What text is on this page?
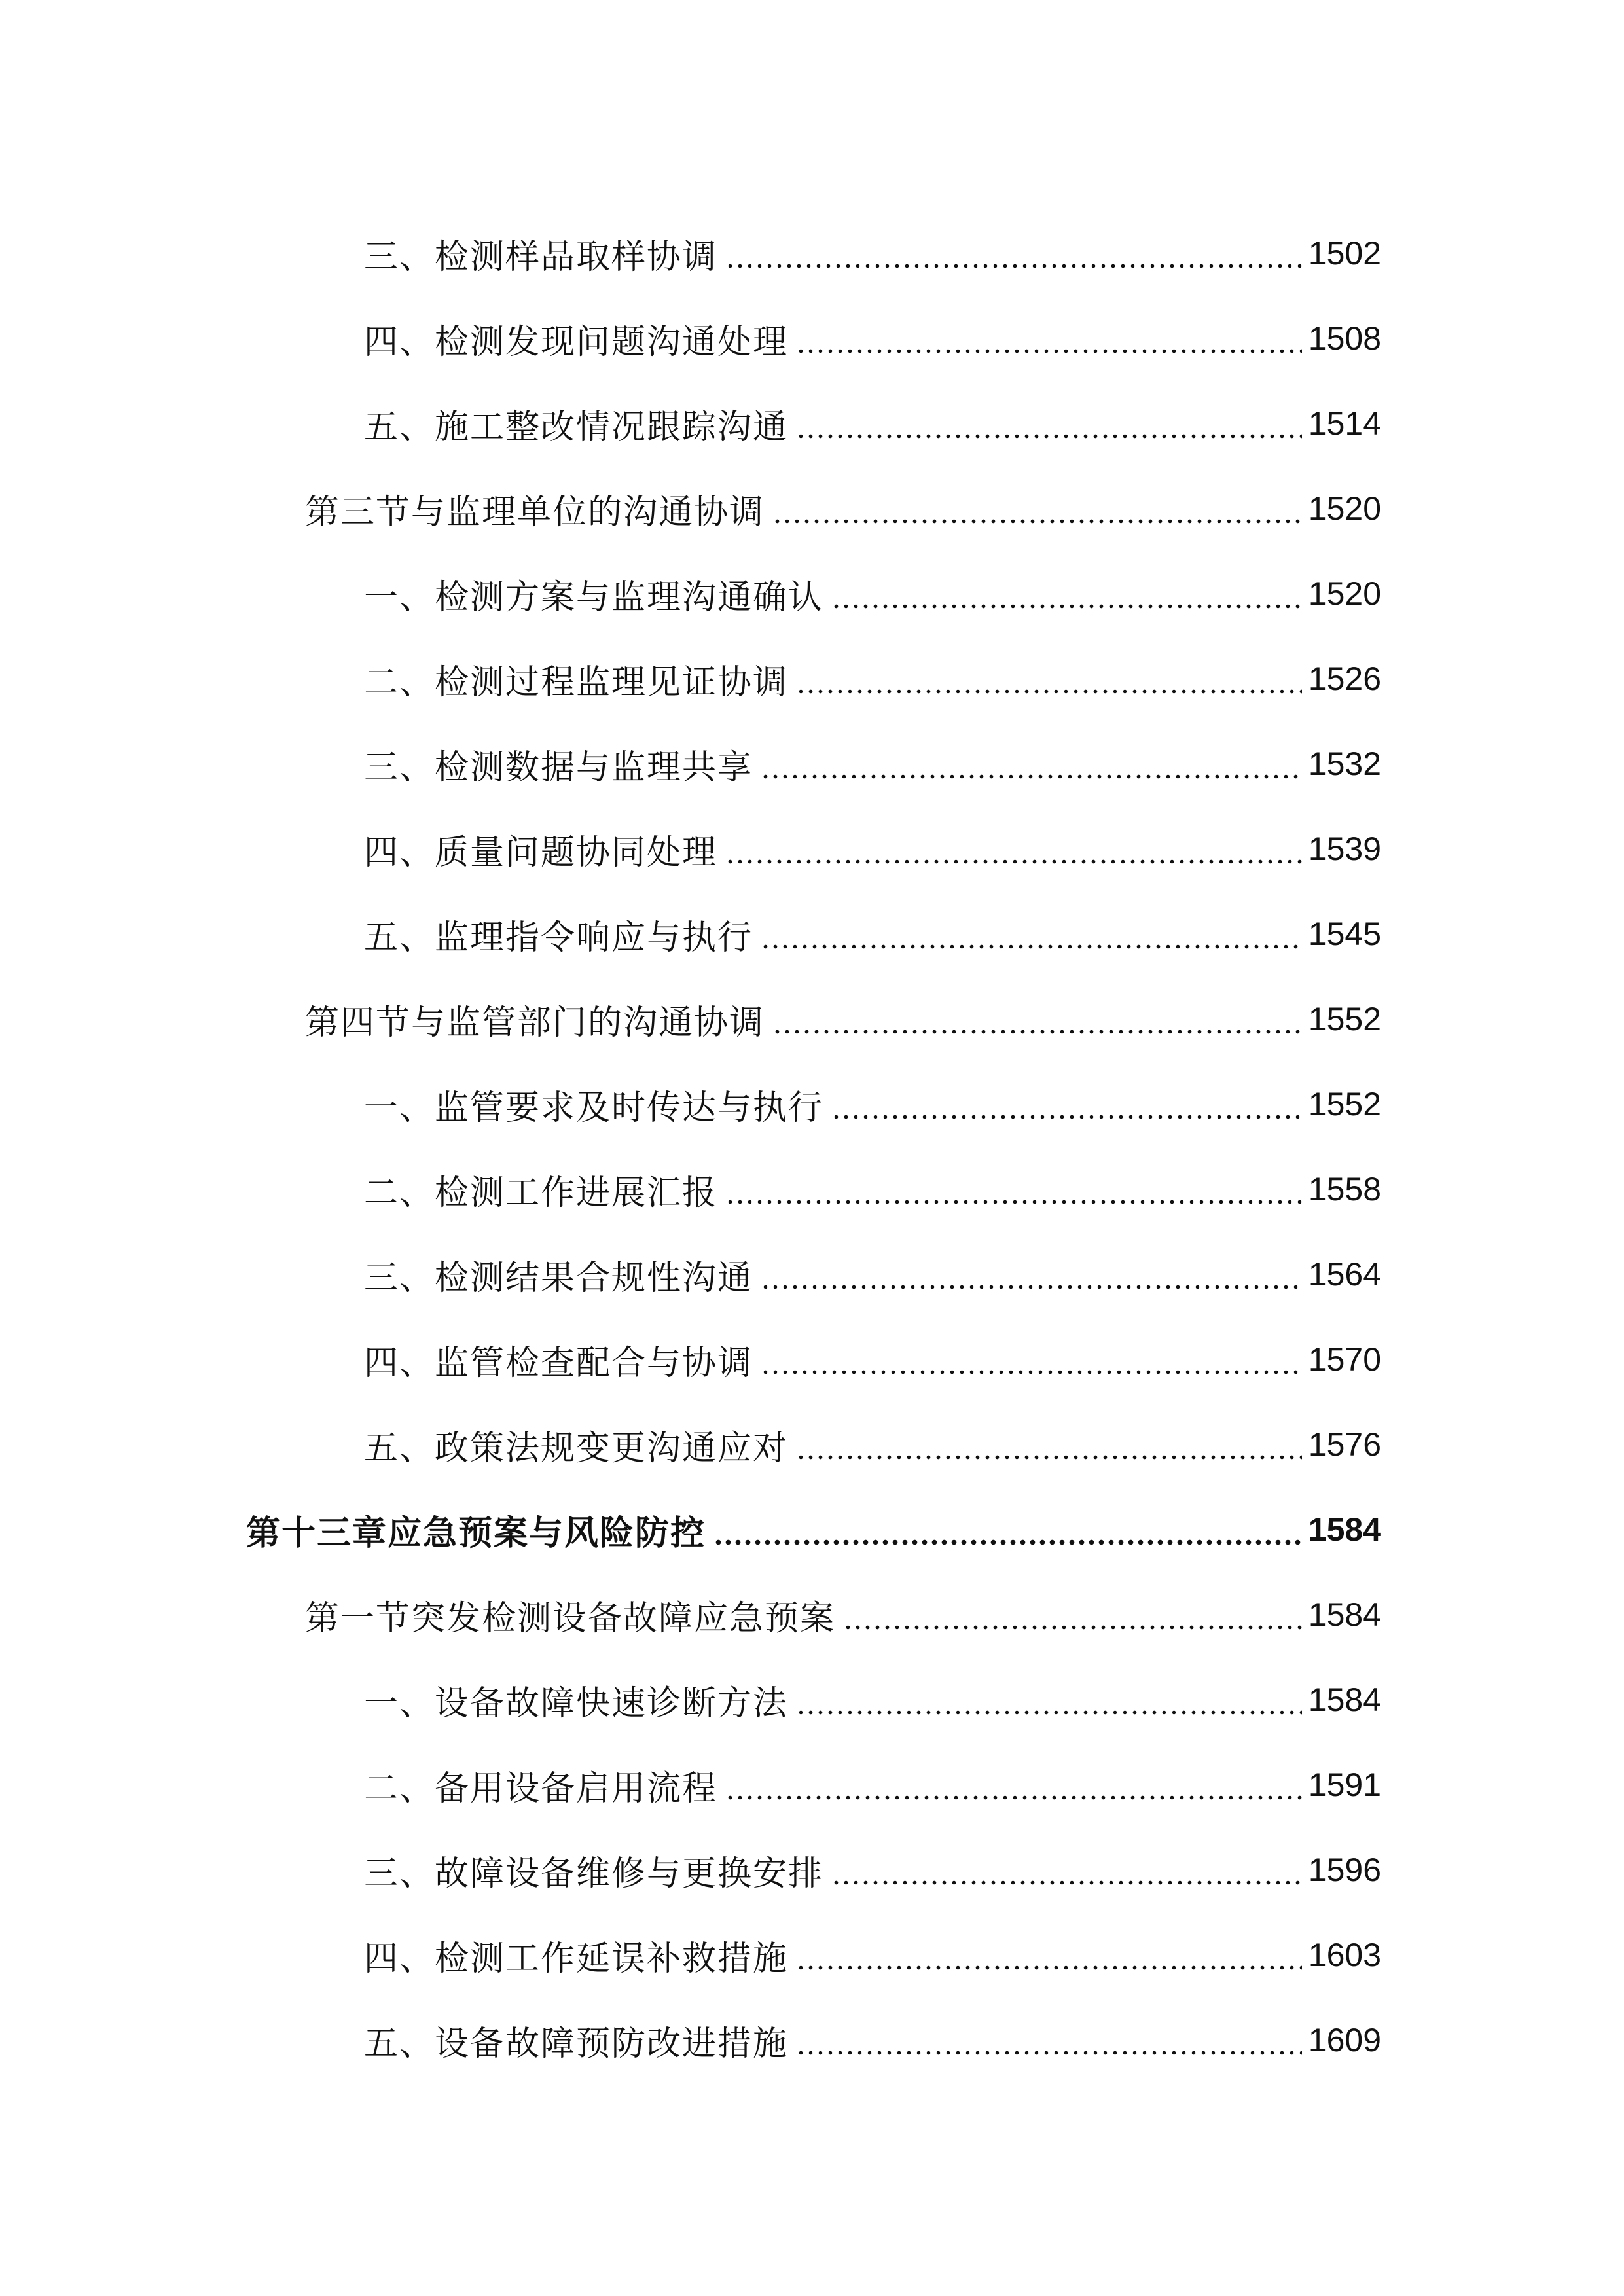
三、检测样品取样协调	1502
四、检测发现问题沟通处理	1508
五、施工整改情况跟踪沟通	1514
第三节与监理单位的沟通协调	1520
一、检测方案与监理沟通确认	1520
二、检测过程监理见证协调	1526
三、检测数据与监理共享	1532
四、质量问题协同处理	1539
五、监理指令响应与执行	1545
第四节与监管部门的沟通协调	1552
一、监管要求及时传达与执行	1552
二、检测工作进展汇报	1558
三、检测结果合规性沟通	1564
四、监管检查配合与协调	1570
五、政策法规变更沟通应对	1576
第十三章应急预案与风险防控	1584
第一节突发检测设备故障应急预案	1584
一、设备故障快速诊断方法	1584
二、备用设备启用流程	1591
三、故障设备维修与更换安排	1596
四、检测工作延误补救措施	1603
五、设备故障预防改进措施	1609
